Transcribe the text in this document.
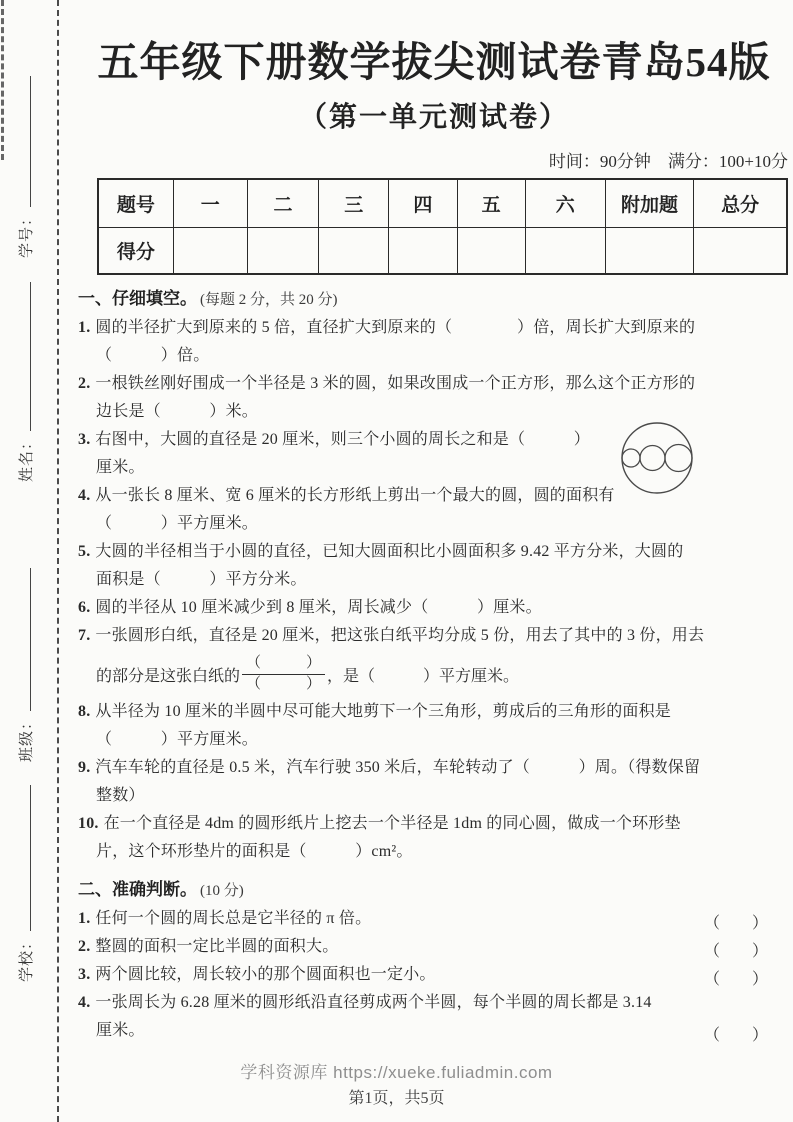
学号：
姓名：
班级：
学校：
五年级下册数学拔尖测试卷青岛54版
（第一单元测试卷）
时间：90分钟　满分：100+10分
题号	一	二	三	四	五	六	附加题	总分
得分								
一、仔细填空。 (每题 2 分，共 20 分)
1. 圆的半径扩大到原来的 5 倍，直径扩大到原来的（　　　　）倍，周长扩大到原来的
（　　　）倍。
2. 一根铁丝刚好围成一个半径是 3 米的圆，如果改围成一个正方形，那么这个正方形的
边长是（　　　）米。
3. 右图中，大圆的直径是 20 厘米，则三个小圆的周长之和是（　　　）
厘米。
4. 从一张长 8 厘米、宽 6 厘米的长方形纸上剪出一个最大的圆，圆的面积有
（　　　）平方厘米。
5. 大圆的半径相当于小圆的直径，已知大圆面积比小圆面积多 9.42 平方分米，大圆的
面积是（　　　）平方分米。
6. 圆的半径从 10 厘米减少到 8 厘米，周长减少（　　　）厘米。
7. 一张圆形白纸，直径是 20 厘米，把这张白纸平均分成 5 份，用去了其中的 3 份，用去
的部分是这张白纸的 $\frac{( )}{( )}$ ，是（　　　）平方厘米。
8. 从半径为 10 厘米的半圆中尽可能大地剪下一个三角形，剪成后的三角形的面积是
（　　　）平方厘米。
9. 汽车车轮的直径是 0.5 米，汽车行驶 350 米后，车轮转动了（　　　）周。（得数保留
整数）
10. 在一个直径是 4dm 的圆形纸片上挖去一个半径是 1dm 的同心圆，做成一个环形垫
片，这个环形垫片的面积是（　　　）cm²。
二、准确判断。 (10 分)
1. 任何一个圆的周长总是它半径的 π 倍。	（　　）
2. 整圆的面积一定比半圆的面积大。	（　　）
3. 两个圆比较，周长较小的那个圆面积也一定小。	（　　）
4. 一张周长为 6.28 厘米的圆形纸沿直径剪成两个半圆，每个半圆的周长都是 3.14
厘米。	（　　）
学科资源库 https://xueke.fuliadmin.com
第1页，共5页
